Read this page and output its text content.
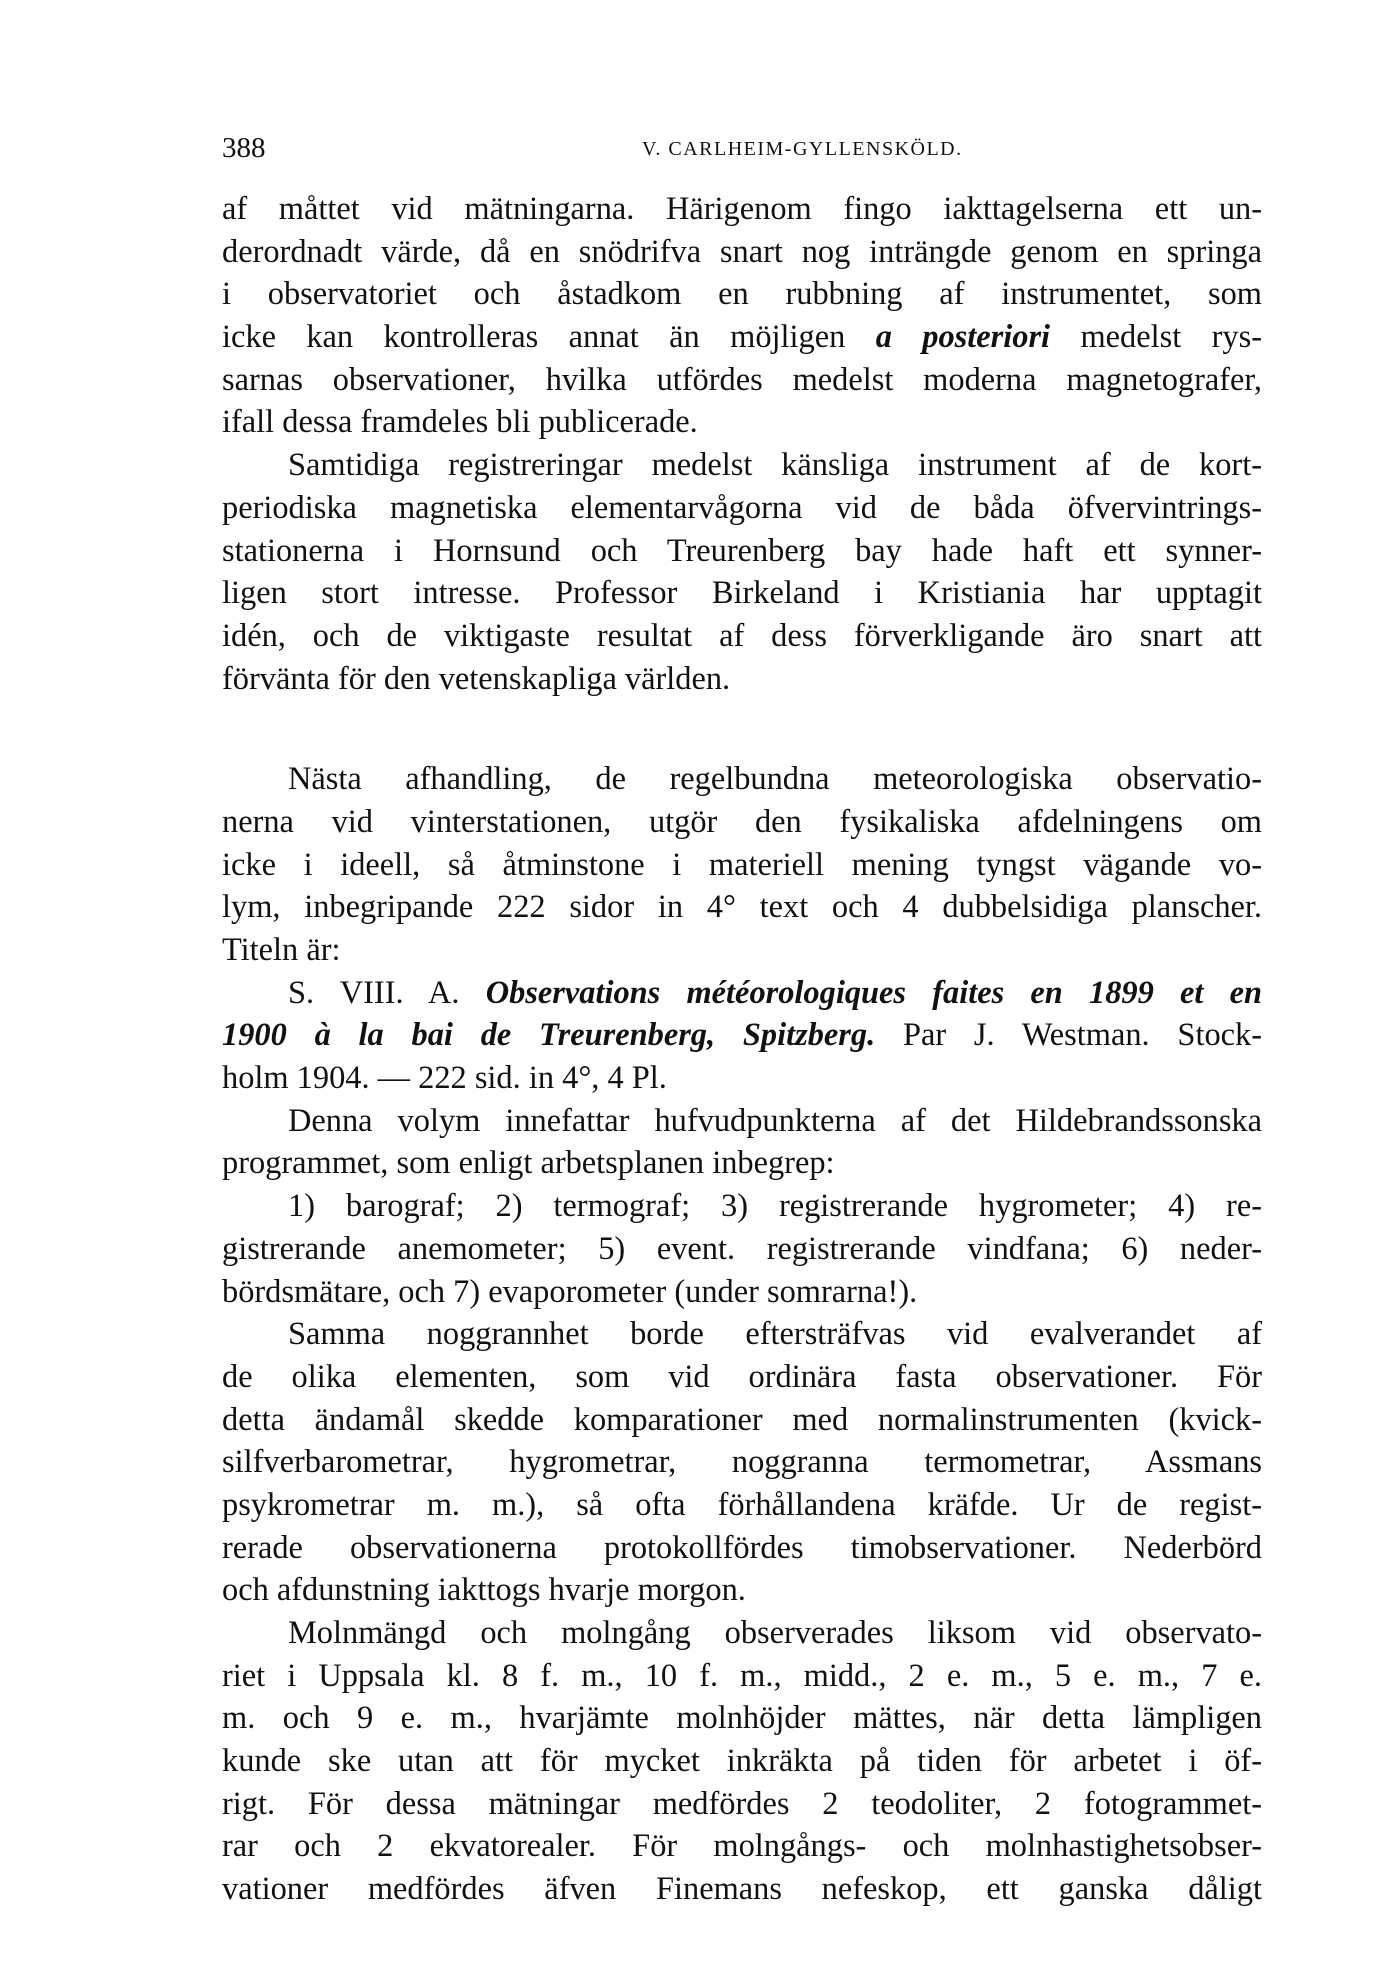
388	V. CARLHEIM-GYLLENSKÖLD.
af måttet vid mätningarna. Härigenom fingo iakttagelserna ett un-
derordnadt värde, då en snödrifva snart nog inträngde genom en springa
i observatoriet och åstadkom en rubbning af instrumentet, som
icke kan kontrolleras annat än möjligen a posteriori medelst rys-
sarnas observationer, hvilka utfördes medelst moderna magnetografer,
ifall dessa framdeles bli publicerade.
Samtidiga registreringar medelst känsliga instrument af de kort-
periodiska magnetiska elementarvågorna vid de båda öfvervintrings-
stationerna i Hornsund och Treurenberg bay hade haft ett synner-
ligen stort intresse. Professor Birkeland i Kristiania har upptagit
idén, och de viktigaste resultat af dess förverkligande äro snart att
förvänta för den vetenskapliga världen.
Nästa afhandling, de regelbundna meteorologiska observatio-
nerna vid vinterstationen, utgör den fysikaliska afdelningens om
icke i ideell, så åtminstone i materiell mening tyngst vägande vo-
lym, inbegripande 222 sidor in 4° text och 4 dubbelsidiga planscher.
Titeln är:
S. VIII. A. Observations météorologiques faites en 1899 et en
1900 à la bai de Treurenberg, Spitzberg. Par J. Westman. Stock-
holm 1904. — 222 sid. in 4°, 4 Pl.
Denna volym innefattar hufvudpunkterna af det Hildebrandssonska
programmet, som enligt arbetsplanen inbegrep:
1) barograf; 2) termograf; 3) registrerande hygrometer; 4) re-
gistrerande anemometer; 5) event. registrerande vindfana; 6) neder-
bördsmätare, och 7) evaporometer (under somrarna!).
Samma noggrannhet borde eftersträfvas vid evalverandet af
de olika elementen, som vid ordinära fasta observationer. För
detta ändamål skedde komparationer med normalinstrumenten (kvick-
silfverbarometrar, hygrometrar, noggranna termometrar, Assmans
psykrometrar m. m.), så ofta förhållandena kräfde. Ur de regist-
rerade observationerna protokollfördes timobservationer. Nederbörd
och afdunstning iakttogs hvarje morgon.
Molnmängd och molngång observerades liksom vid observato-
riet i Uppsala kl. 8 f. m., 10 f. m., midd., 2 e. m., 5 e. m., 7 e.
m. och 9 e. m., hvarjämte molnhöjder mättes, när detta lämpligen
kunde ske utan att för mycket inkräkta på tiden för arbetet i öf-
rigt. För dessa mätningar medfördes 2 teodoliter, 2 fotogrammet-
rar och 2 ekvatorealer. För molngångs- och molnhastighetsobser-
vationer medfördes äfven Finemans nefeskop, ett ganska dåligt
